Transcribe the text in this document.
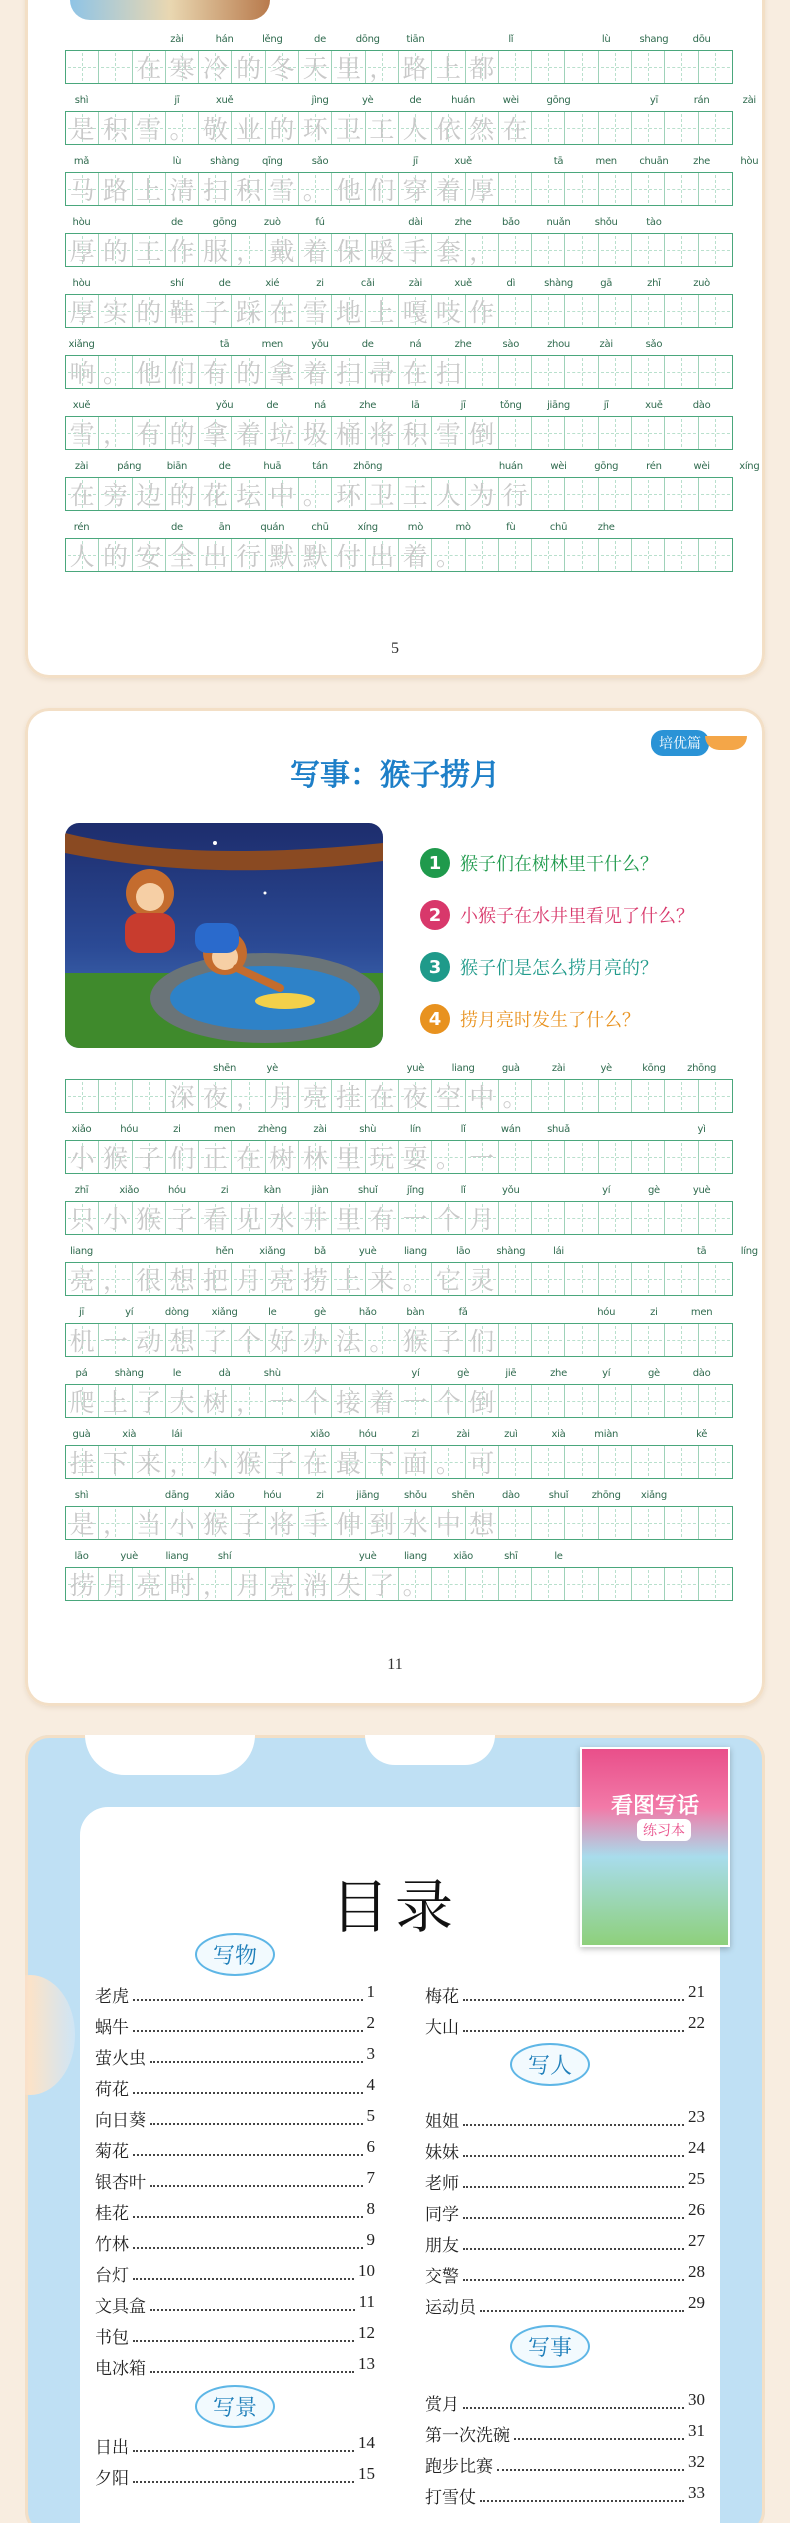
zài	hán	lěng	de	dōng	tiān	lǐ	lù	shang	dōu
在 寒 冷 的 冬 天 里 ， 路 上 都
shì	jī	xuě	jìng	yè	de	huán	wèi	gōng	yī	rán	zài
是 积 雪 。 敬 业 的 环 卫 工 人 依 然 在
mǎ	lù	shàng	qīng	sǎo	jī	xuě	tā	men	chuān	zhe	hòu
马 路 上 清 扫 积 雪 。 他 们 穿 着 厚
hòu	de	gōng	zuò	fú	dài	zhe	bǎo	nuǎn	shǒu	tào
厚 的 工 作 服 ， 戴 着 保 暖 手 套 ，
hòu	shí	de	xié	zi	cǎi	zài	xuě	dì	shàng	gā	zhī	zuò
厚 实 的 鞋 子 踩 在 雪 地 上 嘎 吱 作
xiǎng	tā	men	yǒu	de	ná	zhe	sào	zhou	zài	sǎo
响 。 他 们 有 的 拿 着 扫 帚 在 扫
xuě	yǒu	de	ná	zhe	lā	jī	tǒng	jiāng	jī	xuě	dào
雪 ， 有 的 拿 着 垃 圾 桶 将 积 雪 倒
zài	páng	biān	de	huā	tán	zhōng	huán	wèi	gōng	rén	wèi	xíng
在 旁 边 的 花 坛 中 。 环 卫 工 人 为 行
rén	de	ān	quán	chū	xíng	mò	mò	fù	chū	zhe
人 的 安 全 出 行 默 默 付 出 着 。
5
培优篇
写事：猴子捞月
1	猴子们在树林里干什么？
2	小猴子在水井里看见了什么？
3	猴子们是怎么捞月亮的？
4	捞月亮时发生了什么？
shēn	yè	yuè	liang	guà	zài	yè	kōng	zhōng
深 夜 ， 月 亮 挂 在 夜 空 中 。
xiǎo	hóu	zi	men	zhèng	zài	shù	lín	lǐ	wán	shuǎ	yì
小 猴 子 们 正 在 树 林 里 玩 耍 。 一
zhī	xiǎo	hóu	zi	kàn	jiàn	shuǐ	jǐng	lǐ	yǒu	yí	gè	yuè
只 小 猴 子 看 见 水 井 里 有 一 个 月
liang	hěn	xiǎng	bǎ	yuè	liang	lāo	shàng	lái	tā	líng
亮 ， 很 想 把 月 亮 捞 上 来 。 它 灵
jī	yí	dòng	xiǎng	le	gè	hǎo	bàn	fǎ	hóu	zi	men
机 一 动 想 了 个 好 办 法 。 猴 子 们
pá	shàng	le	dà	shù	yí	gè	jiē	zhe	yí	gè	dào
爬 上 了 大 树 ， 一 个 接 着 一 个 倒
guà	xià	lái	xiǎo	hóu	zi	zài	zuì	xià	miàn	kě
挂 下 来 ， 小 猴 子 在 最 下 面 。 可
shì	dāng	xiǎo	hóu	zi	jiāng	shǒu	shēn	dào	shuǐ	zhōng	xiǎng
是 ， 当 小 猴 子 将 手 伸 到 水 中 想
lāo	yuè	liang	shí	yuè	liang	xiāo	shī	le
捞 月 亮 时 ， 月 亮 消 失 了 。
11
看图写话
练习本
目录
写物
写景
写人
写事
老虎	1
蜗牛	2
萤火虫	3
荷花	4
向日葵	5
菊花	6
银杏叶	7
桂花	8
竹林	9
台灯	10
文具盒	11
书包	12
电冰箱	13
日出	14
夕阳	15
梅花	21
大山	22
姐姐	23
妹妹	24
老师	25
同学	26
朋友	27
交警	28
运动员	29
赏月	30
第一次洗碗	31
跑步比赛	32
打雪仗	33
